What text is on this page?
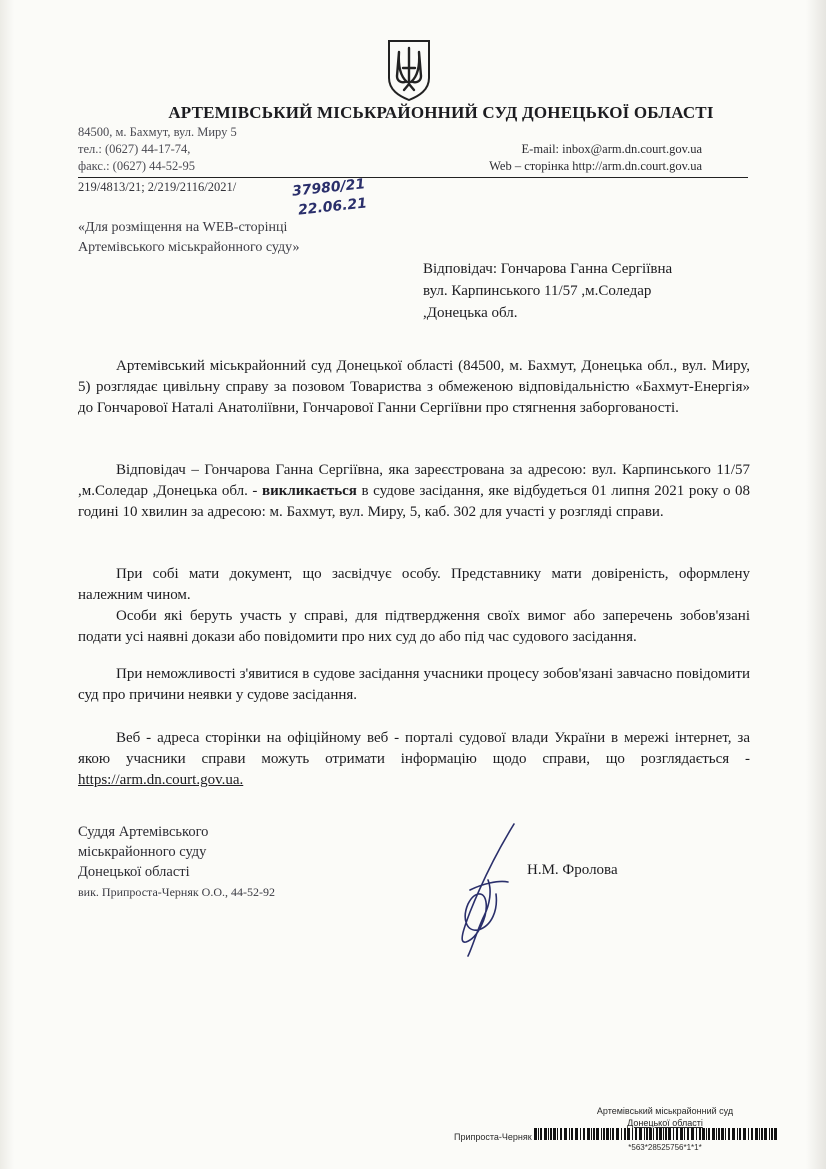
АРТЕМІВСЬКИЙ МІСЬКРАЙОННИЙ СУД ДОНЕЦЬКОЇ ОБЛАСТІ
84500, м. Бахмут, вул. Миру 5
тел.: (0627) 44-17-74,
факс.: (0627) 44-52-95
E-mail: inbox@arm.dn.court.gov.ua
Web – сторінка http://arm.dn.court.gov.ua
219/4813/21; 2/219/2116/2021/	37980/21
22.06.21
«Для розміщення на WEB-сторінці
Артемівського міськрайонного суду»
Відповідач: Гончарова Ганна Сергіївна
вул. Карпинського 11/57 ,м.Соледар
,Донецька обл.
Артемівський міськрайонний суд Донецької області (84500, м. Бахмут, Донецька обл., вул. Миру, 5) розглядає цивільну справу за позовом Товариства з обмеженою відповідальністю «Бахмут-Енергія» до Гончарової Наталі Анатоліївни, Гончарової Ганни Сергіївни про стягнення заборгованості.
Відповідач – Гончарова Ганна Сергіївна, яка зареєстрована за адресою: вул. Карпинського 11/57 ,м.Соледар ,Донецька обл. - викликається в судове засідання, яке відбудеться 01 липня 2021 року о 08 годині 10 хвилин за адресою: м. Бахмут, вул. Миру, 5, каб. 302 для участі у розгляді справи.
При собі мати документ, що засвідчує особу. Представнику мати довіреність, оформлену належним чином.
Особи які беруть участь у справі, для підтвердження своїх вимог або заперечень зобов'язані подати усі наявні докази або повідомити про них суд до або під час судового засідання.
При неможливості з'явитися в судове засідання учасники процесу зобов'язані завчасно повідомити суд про причини неявки у судове засідання.
Веб - адреса сторінки на офіційному веб - порталі судової влади України в мережі інтернет, за якою учасники справи можуть отримати інформацію щодо справи, що розглядається - https://arm.dn.court.gov.ua.
Суддя Артемівського
міськрайонного суду
Донецької області
вик. Припроста-Черняк О.О., 44-52-92
Н.М. Фролова
Артемівський міськрайонний суд
Донецької області
Припроста-Черняк
*563*28525756*1*1*
